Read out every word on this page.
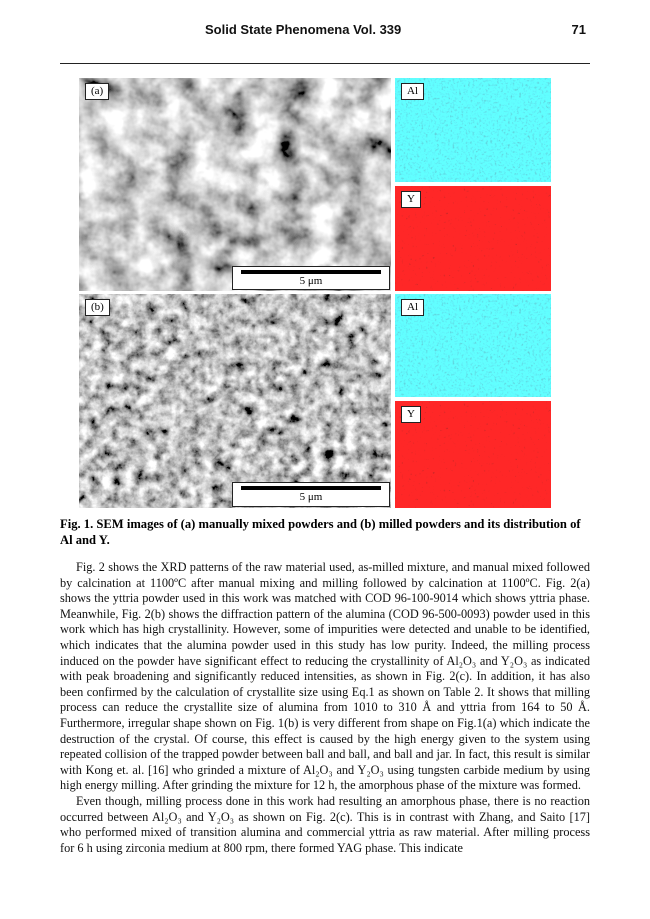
Solid State Phenomena Vol. 339	71
(a)
5 μm
Al
Y
(b)
5 μm
Al
Y
Fig. 1. SEM images of (a) manually mixed powders and (b) milled powders and its distribution of Al and Y.

Fig. 2 shows the XRD patterns of the raw material used, as-milled mixture, and manual mixed followed by calcination at 1100ºC after manual mixing and milling followed by calcination at 1100ºC. Fig. 2(a) shows the yttria powder used in this work was matched with COD 96-100-9014 which shows yttria phase. Meanwhile, Fig. 2(b) shows the diffraction pattern of the alumina (COD 96-500-0093) powder used in this work which has high crystallinity. However, some of impurities were detected and unable to be identified, which indicates that the alumina powder used in this study has low purity. Indeed, the milling process induced on the powder have significant effect to reducing the crystallinity of Al₂O₃ and Y₂O₃ as indicated with peak broadening and significantly reduced intensities, as shown in Fig. 2(c). In addition, it has also been confirmed by the calculation of crystallite size using Eq.1 as shown on Table 2. It shows that milling process can reduce the crystallite size of alumina from 1010 to 310 Å and yttria from 164 to 50 Å. Furthermore, irregular shape shown on Fig. 1(b) is very different from shape on Fig.1(a) which indicate the destruction of the crystal. Of course, this effect is caused by the high energy given to the system using repeated collision of the trapped powder between ball and ball, and ball and jar. In fact, this result is similar with Kong et. al. [16] who grinded a mixture of Al₂O₃ and Y₂O₃ using tungsten carbide medium by using high energy milling. After grinding the mixture for 12 h, the amorphous phase of the mixture was formed.

Even though, milling process done in this work had resulting an amorphous phase, there is no reaction occurred between Al₂O₃ and Y₂O₃ as shown on Fig. 2(c). This is in contrast with Zhang, and Saito [17] who performed mixed of transition alumina and commercial yttria as raw material. After milling process for 6 h using zirconia medium at 800 rpm, there formed YAG phase. This indicate
